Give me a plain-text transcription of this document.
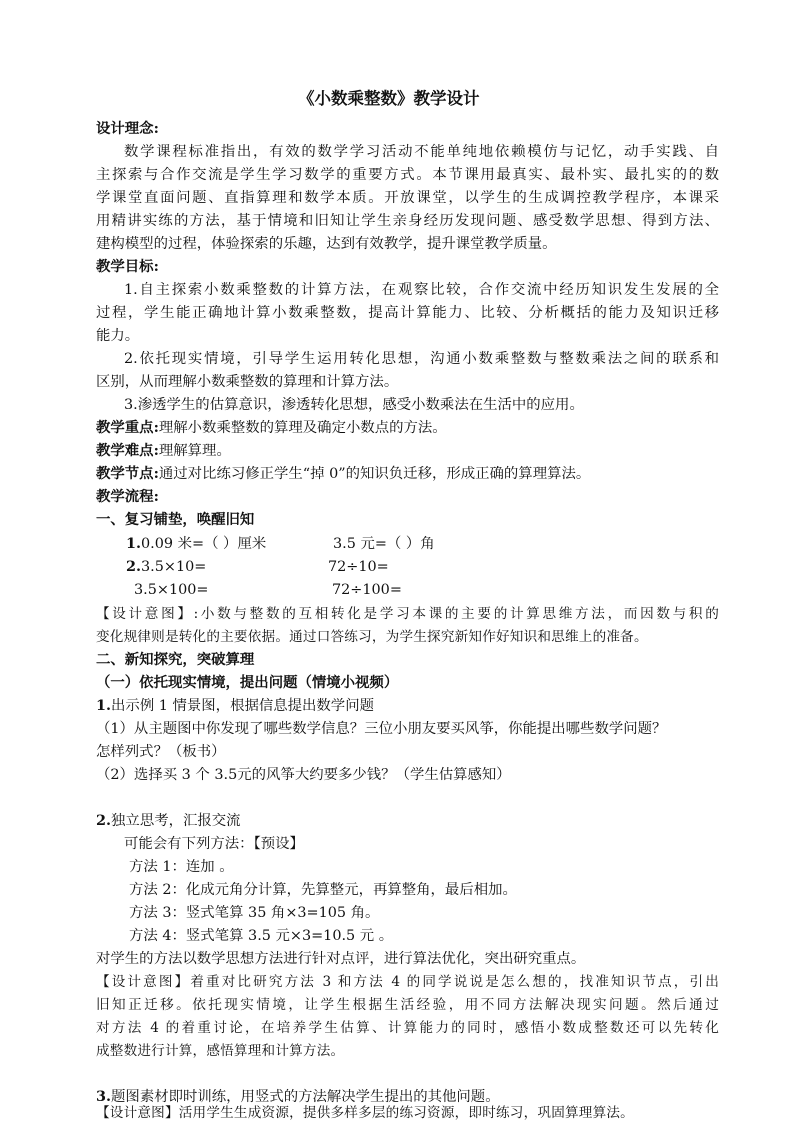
《小数乘整数》教学设计
设计理念:
数学课程标准指出，有效的数学学习活动不能单纯地依赖模仿与记忆，动手实践、自
主探索与合作交流是学生学习数学的重要方式。本节课用最真实、最朴实、最扎实的的数
学课堂直面问题、直指算理和数学本质。开放课堂，以学生的生成调控教学程序，本课采
用精讲实练的方法，基于情境和旧知让学生亲身经历发现问题、感受数学思想、得到方法、
建构模型的过程，体验探索的乐趣，达到有效教学，提升课堂教学质量。
教学目标:
1.自主探索小数乘整数的计算方法，在观察比较，合作交流中经历知识发生发展的全
过程，学生能正确地计算小数乘整数，提高计算能力、比较、分析概括的能力及知识迁移
能力。
2.依托现实情境，引导学生运用转化思想，沟通小数乘整数与整数乘法之间的联系和
区别，从而理解小数乘整数的算理和计算方法。
3.渗透学生的估算意识，渗透转化思想，感受小数乘法在生活中的应用。
教学重点:理解小数乘整数的算理及确定小数点的方法。
教学难点:理解算理。
教学节点:通过对比练习修正学生“掉 0”的知识负迁移，形成正确的算理算法。
教学流程:
一、复习铺垫，唤醒旧知
1.0.09 米=（ ）厘米	3.5 元=（ ）角
2.3.5×10=	72÷10=
3.5×100=	72÷100=
【设计意图】:小数与整数的互相转化是学习本课的主要的计算思维方法，而因数与积的
变化规律则是转化的主要依据。通过口答练习，为学生探究新知作好知识和思维上的准备。
二、新知探究，突破算理
（一）依托现实情境，提出问题（情境小视频）
1.出示例 1 情景图，根据信息提出数学问题
（1）从主题图中你发现了哪些数学信息？三位小朋友要买风筝，你能提出哪些数学问题？
怎样列式？（板书）
（2）选择买 3 个 3.5元的风筝大约要多少钱？（学生估算感知）
2.独立思考，汇报交流
可能会有下列方法：【预设】
方法 1：连加 。
方法 2：化成元角分计算，先算整元，再算整角，最后相加。
方法 3：竖式笔算 35 角×3=105 角。
方法 4：竖式笔算 3.5 元×3=10.5 元 。
对学生的方法以数学思想方法进行针对点评，进行算法优化，突出研究重点。
【设计意图】着重对比研究方法 3 和方法 4 的同学说说是怎么想的，找准知识节点，引出
旧知正迁移。依托现实情境，让学生根据生活经验，用不同方法解决现实问题。然后通过
对方法 4 的着重讨论，在培养学生估算、计算能力的同时，感悟小数成整数还可以先转化
成整数进行计算，感悟算理和计算方法。
3.题图素材即时训练，用竖式的方法解决学生提出的其他问题。
【设计意图】活用学生生成资源，提供多样多层的练习资源，即时练习，巩固算理算法。
